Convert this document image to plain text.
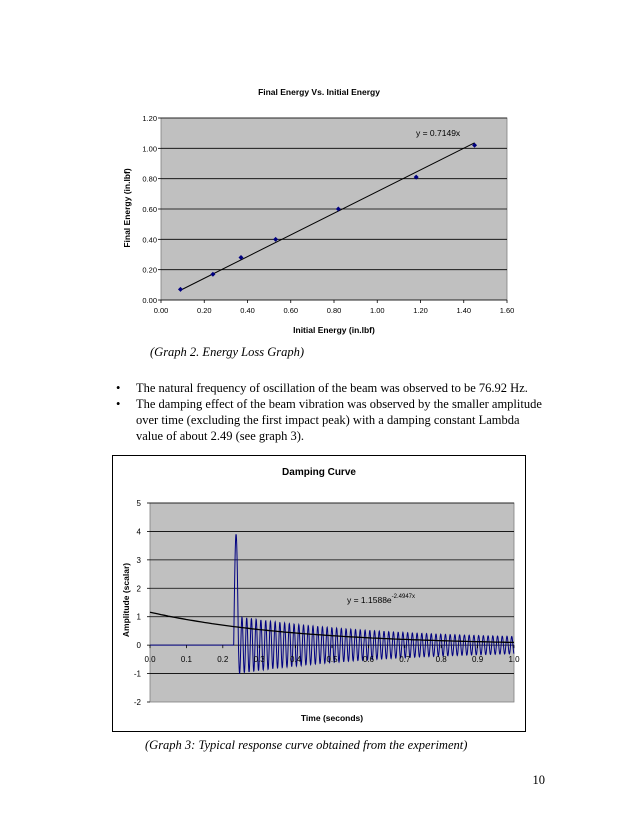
Final Energy Vs. Initial Energy
0.00
0.20
0.40
0.60
0.80
1.00
1.20
0.00	0.20	0.40	0.60	0.80	1.00	1.20	1.40	1.60
y = 0.7149x
Initial Energy (in.lbf)
Final Energy (in.lbf)
(Graph 2. Energy Loss Graph)
• The natural frequency of oscillation of the beam was observed to be 76.92 Hz.
• The damping effect of the beam vibration was observed by the smaller amplitude over time (excluding the first impact peak) with a damping constant Lambda value of about 2.49 (see graph 3).
Damping Curve
5
4
3
2
1
0
-1
-2
0.0	0.1	0.2	0.3	0.4	0.5	0.6	0.7	0.8	0.9	1.0
$y = 1.1588e^{-2.4947x}$
Time (seconds)
Amplitude (scalar)
(Graph 3: Typical response curve obtained from the experiment)
10
